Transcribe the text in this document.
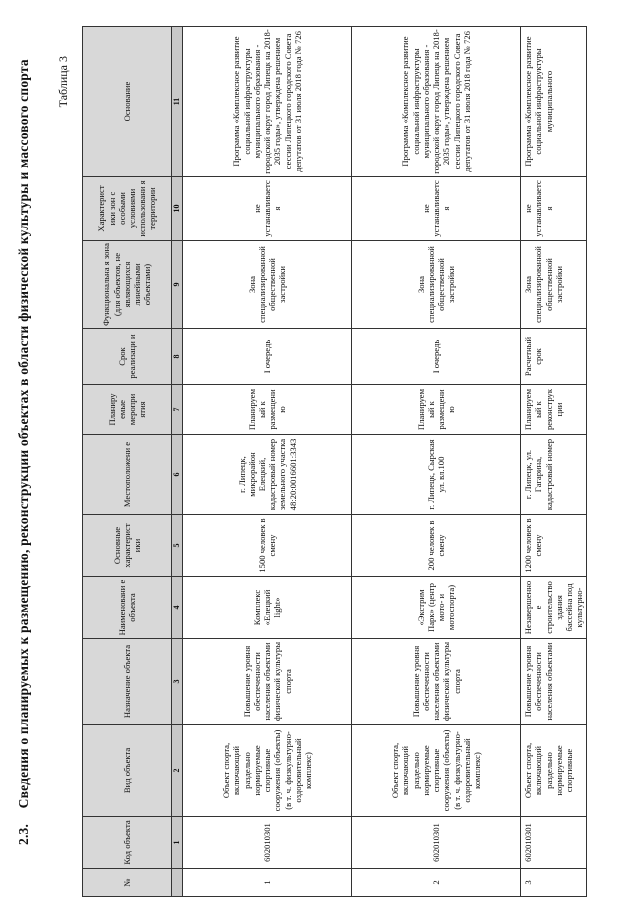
2.3. Сведения о планируемых к размещению, реконструкции объектах в области физической культуры и массового спорта Таблица 3
№	Код объекта	Вид объекта	Назначение объекта	Наименовани е объекта	Основные характерист ики	Местоположени е	Планиру емые меропри ятия	Срок реализаци и	Функциональна я зона (для объектов, не являющихся линейными объектами)	Характерист ики зон с особыми условиями использовани я территории	Основание
	1	2	3	4	5	6	7	8	9	10	11
1	602010301	Объект спорта, включающий раздельно нормируемые спортивные сооружения (объекты) (в т. ч. физкультурно-оздоровительный комплекс)	Повышение уровня обеспеченности населения объектами физической культуры спорта	Комплекс «Елецкий light»	1500 человек в смену	г. Липецк, микрорайон Елецкий, кадастровый номер земельного участка 48:20:0016601:3343	Планируемый к размещению	I очередь	Зона специализированной общественной застройки	не устанавливается	Программа «Комплексное развитие социальной инфраструктуры муниципального образования - городской округ город Липецк на 2018-2035 годы», утверждена решением сессии Липецкого городского Совета депутатов от 31 июля 2018 года № 726
2	602010301	Объект спорта, включающий раздельно нормируемые спортивные сооружения (объекты) (в т. ч. физкультурно-оздоровительный комплекс)	Повышение уровня обеспеченности населения объектами физической культуры спорта	«Экстрим Парк» (центр мото- и мотоспорта)	200 человек в смену	г. Липецк, Сырская ул. вл.100	Планируемый к размещению	I очередь	Зона специализированной общественной застройки	не устанавливается	Программа «Комплексное развитие социальной инфраструктуры муниципального образования - городской округ город Липецк на 2018-2035 годы», утверждена решением сессии Липецкого городского Совета депутатов от 31 июля 2018 года № 726
3	602010301	Объект спорта, включающий раздельно нормируемые спортивные	Повышение уровня обеспеченности населения объектами	Незавершенное строительство здания бассейна под культурно-	1200 человек в смену	г. Липецк, ул. Гагарина, кадастровый номер	Планируемый к реконструкции	Расчетный срок	Зона специализированной общественной застройки	не устанавливается	Программа «Комплексное развитие социальной инфраструктуры муниципального
